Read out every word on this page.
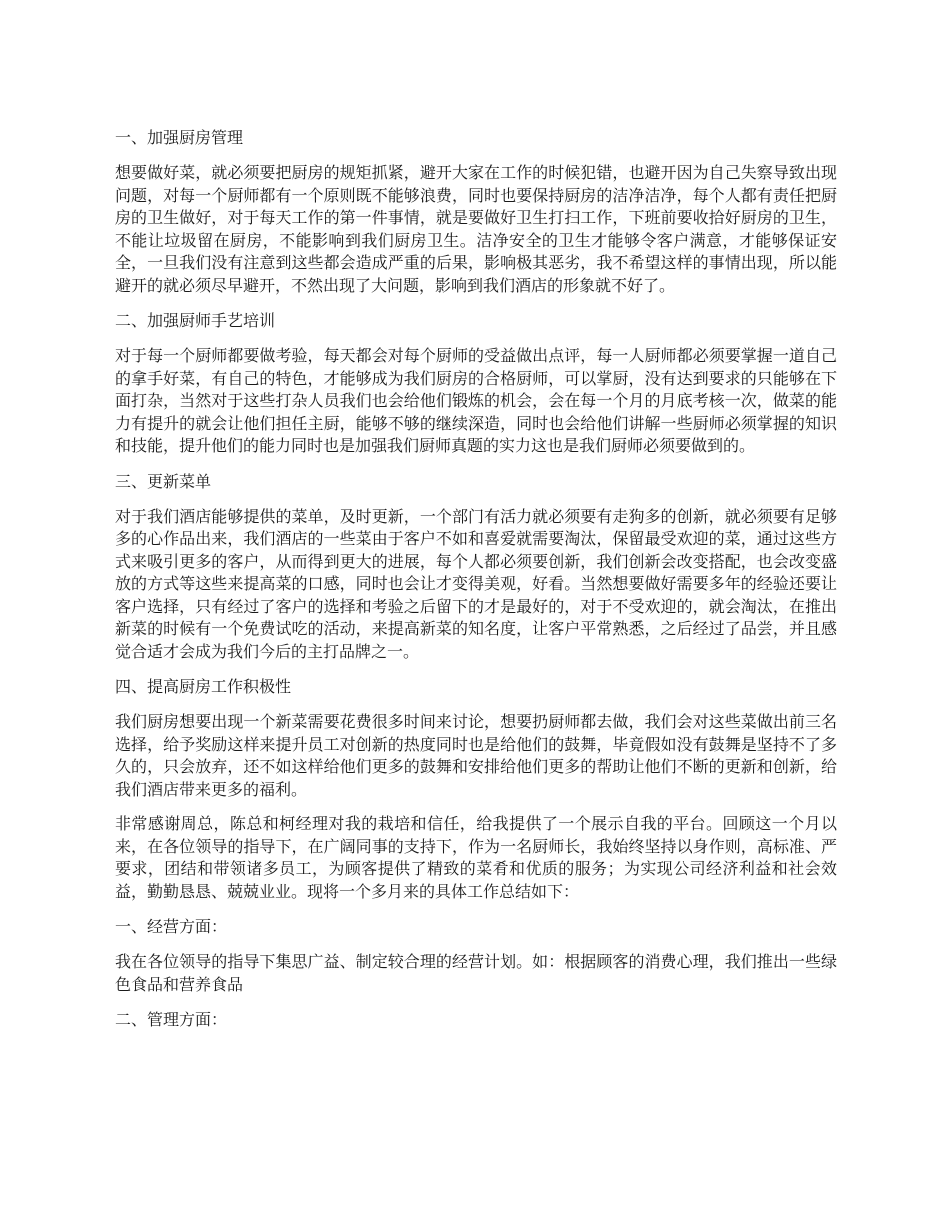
一、加强厨房管理
想要做好菜，就必须要把厨房的规矩抓紧，避开大家在工作的时候犯错，也避开因为自己失察导致出现问题，对每一个厨师都有一个原则既不能够浪费，同时也要保持厨房的洁净洁净，每个人都有责任把厨房的卫生做好，对于每天工作的第一件事情，就是要做好卫生打扫工作，下班前要收拾好厨房的卫生，不能让垃圾留在厨房，不能影响到我们厨房卫生。洁净安全的卫生才能够令客户满意，才能够保证安全，一旦我们没有注意到这些都会造成严重的后果，影响极其恶劣，我不希望这样的事情出现，所以能避开的就必须尽早避开，不然出现了大问题，影响到我们酒店的形象就不好了。
二、加强厨师手艺培训
对于每一个厨师都要做考验，每天都会对每个厨师的受益做出点评，每一人厨师都必须要掌握一道自己的拿手好菜，有自己的特色，才能够成为我们厨房的合格厨师，可以掌厨，没有达到要求的只能够在下面打杂，当然对于这些打杂人员我们也会给他们锻炼的机会，会在每一个月的月底考核一次，做菜的能力有提升的就会让他们担任主厨，能够不够的继续深造，同时也会给他们讲解一些厨师必须掌握的知识和技能，提升他们的能力同时也是加强我们厨师真题的实力这也是我们厨师必须要做到的。
三、更新菜单
对于我们酒店能够提供的菜单，及时更新，一个部门有活力就必须要有走狗多的创新，就必须要有足够多的心作品出来，我们酒店的一些菜由于客户不如和喜爱就需要淘汰，保留最受欢迎的菜，通过这些方式来吸引更多的客户，从而得到更大的进展，每个人都必须要创新，我们创新会改变搭配，也会改变盛放的方式等这些来提高菜的口感，同时也会让才变得美观，好看。当然想要做好需要多年的经验还要让客户选择，只有经过了客户的选择和考验之后留下的才是最好的，对于不受欢迎的，就会淘汰，在推出新菜的时候有一个免费试吃的活动，来提高新菜的知名度，让客户平常熟悉，之后经过了品尝，并且感觉合适才会成为我们今后的主打品牌之一。
四、提高厨房工作积极性
我们厨房想要出现一个新菜需要花费很多时间来讨论，想要扔厨师都去做，我们会对这些菜做出前三名选择，给予奖励这样来提升员工对创新的热度同时也是给他们的鼓舞，毕竟假如没有鼓舞是坚持不了多久的，只会放弃，还不如这样给他们更多的鼓舞和安排给他们更多的帮助让他们不断的更新和创新，给我们酒店带来更多的福利。
非常感谢周总，陈总和柯经理对我的栽培和信任，给我提供了一个展示自我的平台。回顾这一个月以来，在各位领导的指导下，在广阔同事的支持下，作为一名厨师长，我始终坚持以身作则，高标准、严要求，团结和带领诸多员工，为顾客提供了精致的菜肴和优质的服务；为实现公司经济利益和社会效益，勤勤恳恳、兢兢业业。现将一个多月来的具体工作总结如下：
一、经营方面：
我在各位领导的指导下集思广益、制定较合理的经营计划。如：根据顾客的消费心理，我们推出一些绿色食品和营养食品
二、管理方面：
